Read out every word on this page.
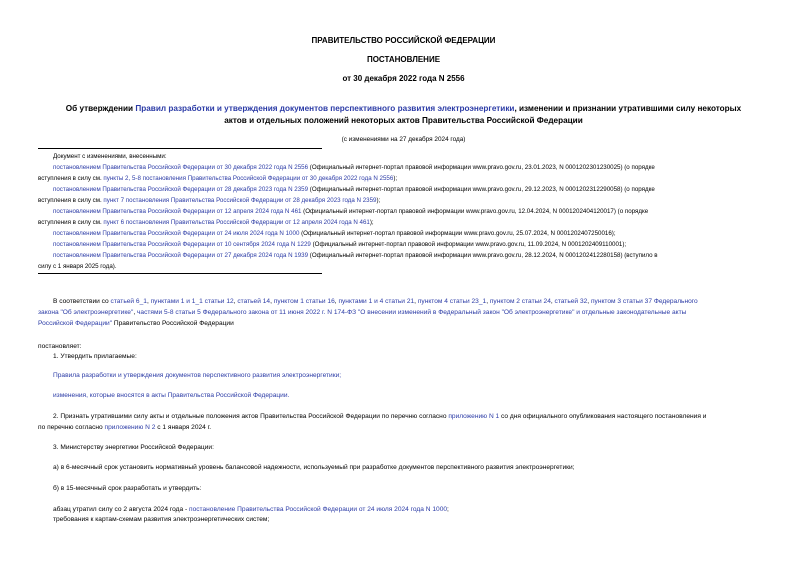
ПРАВИТЕЛЬСТВО РОССИЙСКОЙ ФЕДЕРАЦИИ
ПОСТАНОВЛЕНИЕ
от 30 декабря 2022 года N 2556
Об утверждении Правил разработки и утверждения документов перспективного развития электроэнергетики, изменении и признании утратившими силу некоторых
актов и отдельных положений некоторых актов Правительства Российской Федерации
(с изменениями на 27 декабря 2024 года)
Документ с изменениями, внесенными:
постановлением Правительства Российской Федерации от 30 декабря 2022 года N 2556 (Официальный интернет-портал правовой информации www.pravo.gov.ru, 23.01.2023, N 0001202301230025) (о порядке
вступления в силу см. пункты 2, 5-8 постановления Правительства Российской Федерации от 30 декабря 2022 года N 2556);
постановлением Правительства Российской Федерации от 28 декабря 2023 года N 2359 (Официальный интернет-портал правовой информации www.pravo.gov.ru, 29.12.2023, N 0001202312290058) (о порядке
вступления в силу см. пункт 7 постановления Правительства Российской Федерации от 28 декабря 2023 года N 2359);
постановлением Правительства Российской Федерации от 12 апреля 2024 года N 461 (Официальный интернет-портал правовой информации www.pravo.gov.ru, 12.04.2024, N 0001202404120017) (о порядке
вступления в силу см. пункт 6 постановления Правительства Российской Федерации от 12 апреля 2024 года N 461);
постановлением Правительства Российской Федерации от 24 июля 2024 года N 1000 (Официальный интернет-портал правовой информации www.pravo.gov.ru, 25.07.2024, N 0001202407250016);
постановлением Правительства Российской Федерации от 10 сентября 2024 года N 1229 (Официальный интернет-портал правовой информации www.pravo.gov.ru, 11.09.2024, N 0001202409110001);
постановлением Правительства Российской Федерации от 27 декабря 2024 года N 1939 (Официальный интернет-портал правовой информации www.pravo.gov.ru, 28.12.2024, N 0001202412280158) (вступило в
силу с 1 января 2025 года).
В соответствии со статьей 6_1, пунктами 1 и 1_1 статьи 12, статьей 14, пунктом 1 статьи 16, пунктами 1 и 4 статьи 21, пунктом 4 статьи 23_1, пунктом 2 статьи 24, статьей 32, пунктом 3 статьи 37 Федерального
закона "Об электроэнергетике", частями 5-8 статьи 5 Федерального закона от 11 июня 2022 г. N 174-ФЗ "О внесении изменений в Федеральный закон "Об электроэнергетике" и отдельные законодательные акты
Российской Федерации" Правительство Российской Федерации
постановляет:
1. Утвердить прилагаемые:
Правила разработки и утверждения документов перспективного развития электроэнергетики;
изменения, которые вносятся в акты Правительства Российской Федерации.
2. Признать утратившими силу акты и отдельные положения актов Правительства Российской Федерации по перечню согласно приложению N 1 со дня официального опубликования настоящего постановления и
по перечню согласно приложению N 2 с 1 января 2024 г.
3. Министерству энергетики Российской Федерации:
а) в 6-месячный срок установить нормативный уровень балансовой надежности, используемый при разработке документов перспективного развития электроэнергетики;
б) в 15-месячный срок разработать и утвердить:
абзац утратил силу со 2 августа 2024 года - постановление Правительства Российской Федерации от 24 июля 2024 года N 1000;
требования к картам-схемам развития электроэнергетических систем;
